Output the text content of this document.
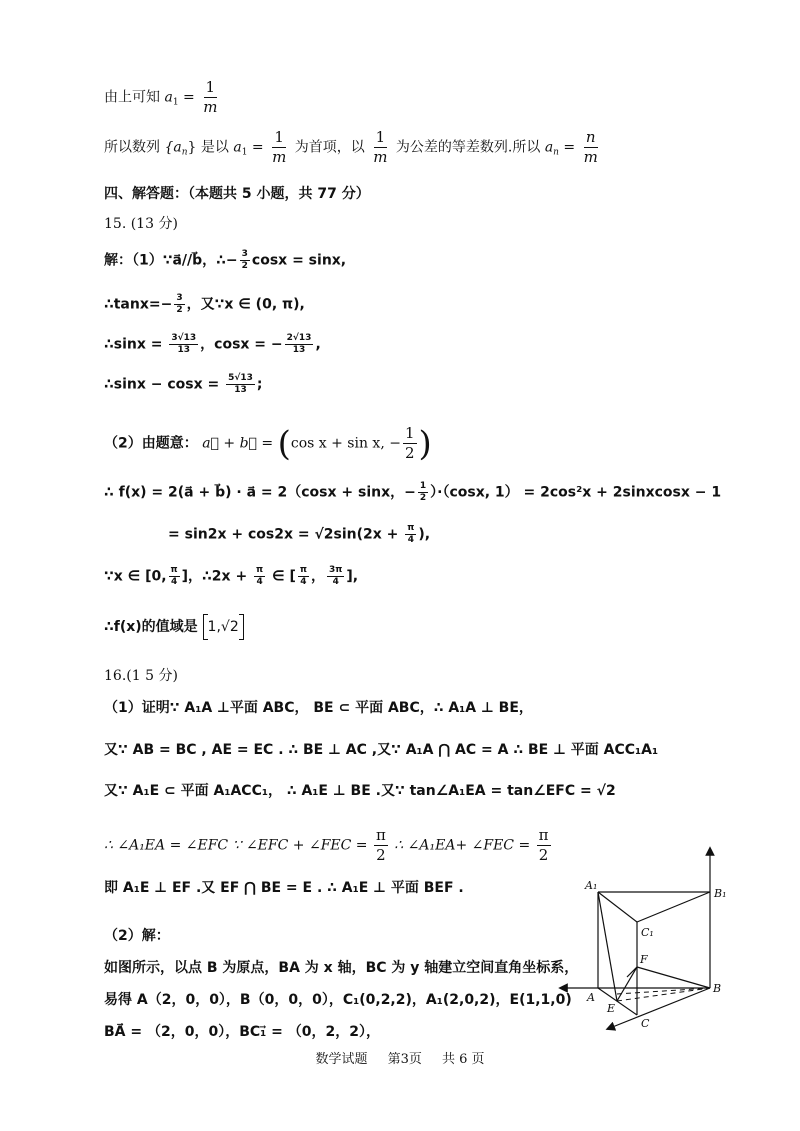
由上可知 $a_1 = \frac{1}{m}$
所以数列 $\{a_n\}$ 是以 $a_1 = \frac{1}{m}$ 为首项，以 $\frac{1}{m}$ 为公差的等差数列.所以 $a_n = \frac{n}{m}$
四、解答题：（本题共 5 小题，共 77 分）
15. (13 分)
解：（1）∵a⃗//b⃗，∴− $\frac{3}{2}$ cosx = sinx,
∴tanx=− $\frac{3}{2}$ ，又∵x ∈ (0, π),
∴sinx = $\frac{3√13}{13}$ ，cosx = − $\frac{2√13}{13}$ ,
∴sinx − $\cos x = \frac{5√13}{13}$ ;
（2）由题意： a⃗ + b⃗ = (cos x + sin x, − $\frac{1}{2}$ )
∴ f(x) = 2(a⃗ + b⃗) · a⃗ = 2（cosx + sinx，− $\frac{1}{2} )\cdot(\cos x$, 1） = 2cos²x + 2sinxcosx − 1
= $\sin 2x + \cos 2x = √2\sin(2x + \frac{\pi}{4}$ ),
∵x ∈ [0, $\frac{\pi}{4}$ ]，∴2x + $\frac{\pi}{4}$ ∈ [ $\frac{\pi}{4}$ ， $\frac{3\pi}{4}$ ],
∴f(x)的值域是 1,√2
16.(1 5 分)
（1）证明∵ A₁A ⊥平面 ABC， BE ⊂ 平面 ABC，∴ A₁A ⊥ BE，
又∵ AB = BC , AE = EC . ∴ BE ⊥ AC ,又∵ A₁A ⋂ AC = A ∴ BE ⊥ 平面 ACC₁A₁
又∵ A₁E ⊂ 平面 A₁ACC₁， ∴ A₁E ⊥ BE .又∵ tan∠A₁EA = tan∠EFC = √2
∴ ∠A₁EA = ∠EFC ∵ ∠EFC + ∠FEC = $\frac{\pi}{2}$ ∴ ∠A₁EA+ ∠FEC = $\frac{\pi}{2}$
即 A₁E ⊥ EF .又 EF ⋂ BE = E . ∴ A₁E ⊥ 平面 BEF .
（2）解：
如图所示，以点 B 为原点，BA 为 x 轴，BC 为 y 轴建立空间直角坐标系，
易得 A（2，0，0），B（0，0，0），C₁(0,2,2)，A₁(2,0,2)，E(1,1,0)
BA⃗ = （2，0，0），BC₁⃗ = （0，2，2），
A₁
B₁
C₁
F
A
B
E
C
数学试题 第3页 共 6 页
